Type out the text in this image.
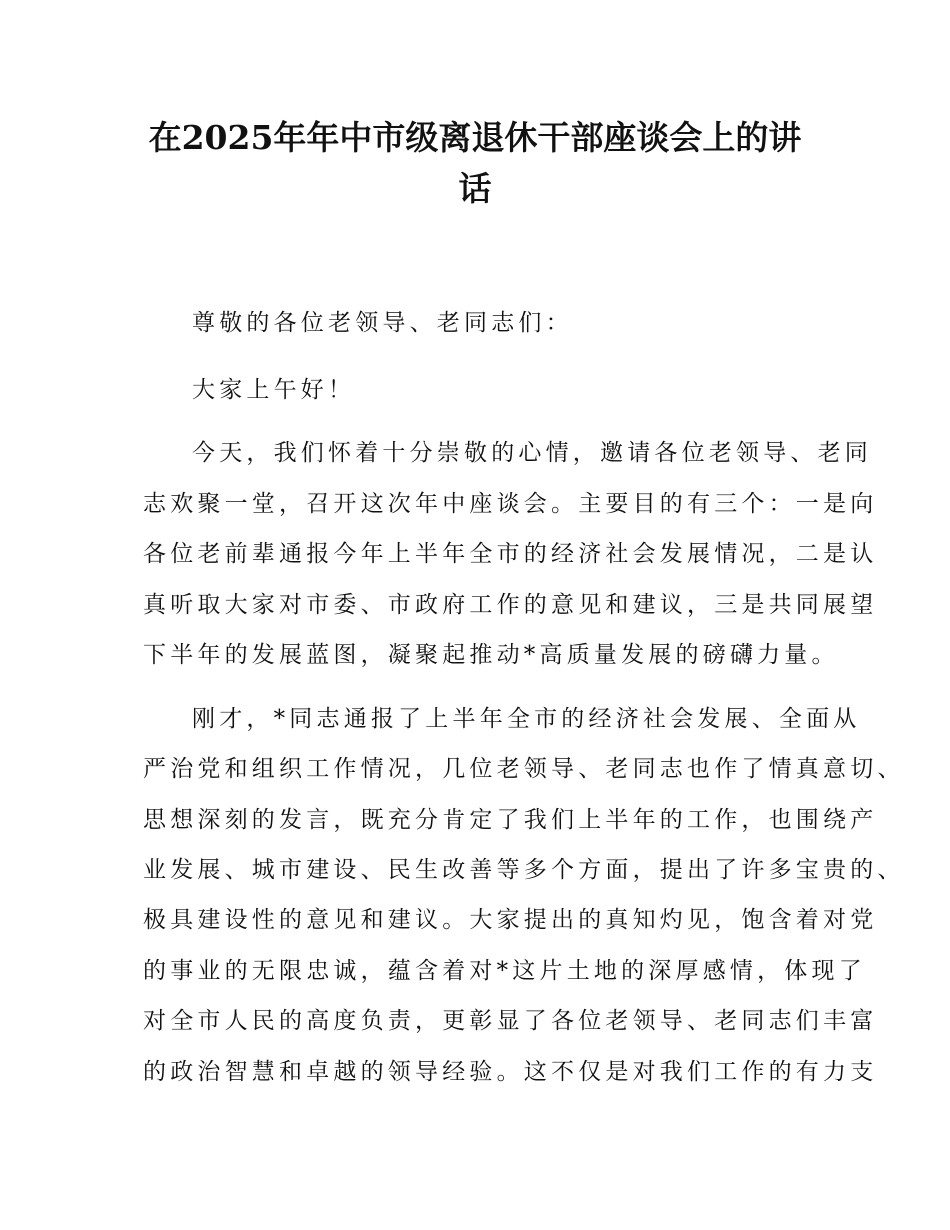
在2025年年中市级离退休干部座谈会上的讲
话
尊敬的各位老领导、老同志们：
大家上午好！
今天，我们怀着十分崇敬的心情，邀请各位老领导、老同
志欢聚一堂，召开这次年中座谈会。主要目的有三个：一是向
各位老前辈通报今年上半年全市的经济社会发展情况，二是认
真听取大家对市委、市政府工作的意见和建议，三是共同展望
下半年的发展蓝图，凝聚起推动*高质量发展的磅礴力量。
刚才，*同志通报了上半年全市的经济社会发展、全面从
严治党和组织工作情况，几位老领导、老同志也作了情真意切、
思想深刻的发言，既充分肯定了我们上半年的工作，也围绕产
业发展、城市建设、民生改善等多个方面，提出了许多宝贵的、
极具建设性的意见和建议。大家提出的真知灼见，饱含着对党
的事业的无限忠诚，蕴含着对*这片土地的深厚感情，体现了
对全市人民的高度负责，更彰显了各位老领导、老同志们丰富
的政治智慧和卓越的领导经验。这不仅是对我们工作的有力支
